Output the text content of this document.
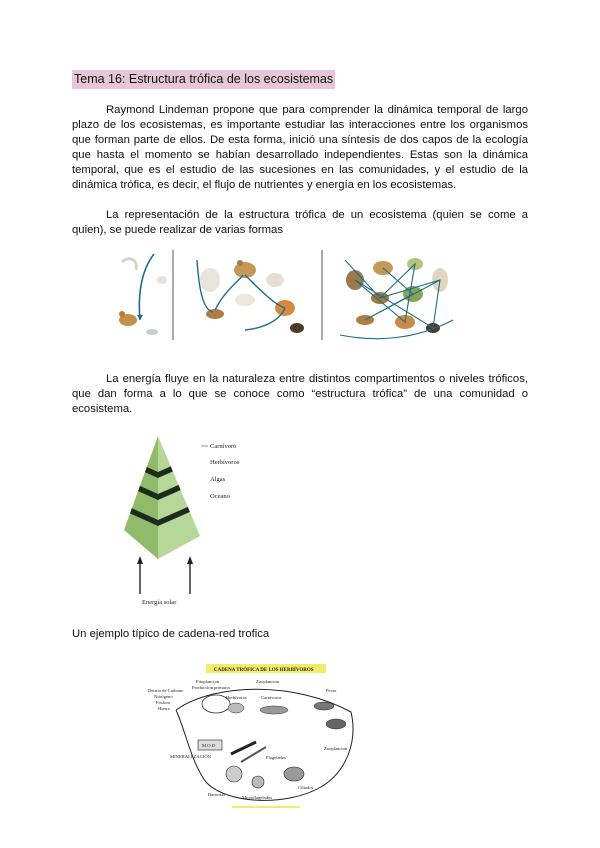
Tema 16: Estructura trófica de los ecosistemas

Raymond Lindeman propone que para comprender la dinámica temporal de largo plazo de los ecosistemas, es importante estudiar las interacciones entre los organismos que forman parte de ellos. De esta forma, inició una síntesis de dos capos de la ecología que hasta el momento se habían desarrollado independientes. Estas son la dinámica temporal, que es el estudio de las sucesiones en las comunidades, y el estudio de la dinámica trófica, es decir, el flujo de nutrientes y energía en los ecosistemas.

La representación de la estructura trófica de un ecosistema (quien se come a quien), se puede realizar de varias formas

La energía fluye en la naturaleza entre distintos compartimentos o niveles tróficos, que dan forma a lo que se conoce como “estructura trófica” de una comunidad o ecosistema.

Carnívoro
Herbívoros
Algas
Oceano
Energía solar

Un ejemplo típico de cadena-red trofica

CADENA TRÓFICA DE LOS HERBÍVOROS
Fitoplancton
Producción primaria
Zooplancton
Peces
Herbívoros	Carnívoros
Detrito de Carbono
Nitrógeno
Fósforo
Hierro
M.O.D
MINERALI ZACIÓN
Zooplancton
Flagelados
Bacterias
Ciliados
Microflagelados
